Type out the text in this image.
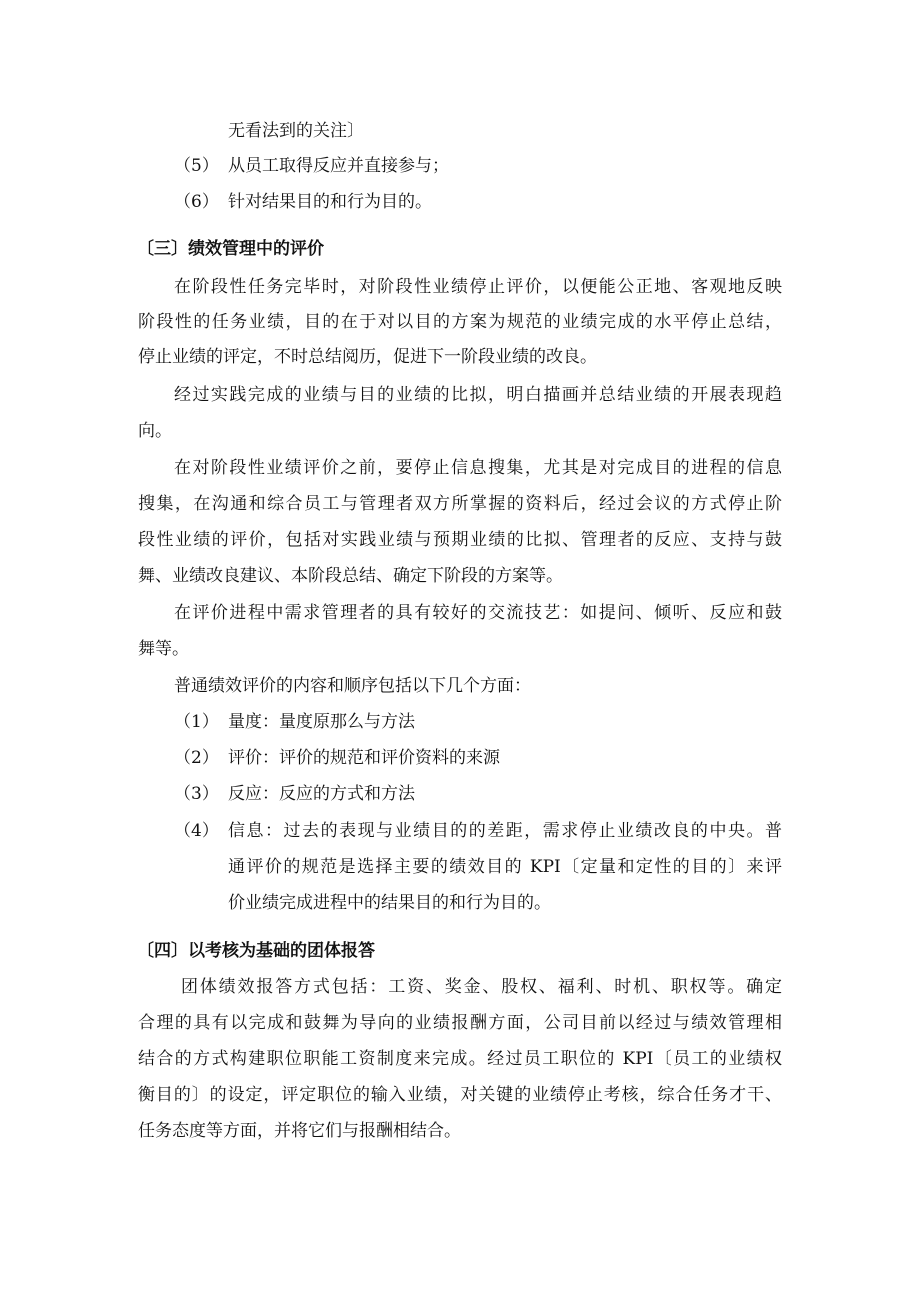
无看法到的关注〕
（5） 从员工取得反应并直接参与；
（6） 针对结果目的和行为目的。
〔三〕绩效管理中的评价
在阶段性任务完毕时，对阶段性业绩停止评价，以便能公正地、客观地反映
阶段性的任务业绩，目的在于对以目的方案为规范的业绩完成的水平停止总结，
停止业绩的评定，不时总结阅历，促进下一阶段业绩的改良。
经过实践完成的业绩与目的业绩的比拟，明白描画并总结业绩的开展表现趋
向。
在对阶段性业绩评价之前，要停止信息搜集，尤其是对完成目的进程的信息
搜集，在沟通和综合员工与管理者双方所掌握的资料后，经过会议的方式停止阶
段性业绩的评价，包括对实践业绩与预期业绩的比拟、管理者的反应、支持与鼓
舞、业绩改良建议、本阶段总结、确定下阶段的方案等。
在评价进程中需求管理者的具有较好的交流技艺：如提问、倾听、反应和鼓
舞等。
普通绩效评价的内容和顺序包括以下几个方面：
（1） 量度：量度原那么与方法
（2） 评价：评价的规范和评价资料的来源
（3） 反应：反应的方式和方法
（4） 信息：过去的表现与业绩目的的差距，需求停止业绩改良的中央。普
通评价的规范是选择主要的绩效目的 KPI〔定量和定性的目的〕来评
价业绩完成进程中的结果目的和行为目的。
〔四〕以考核为基础的团体报答
团体绩效报答方式包括：工资、奖金、股权、福利、时机、职权等。确定
合理的具有以完成和鼓舞为导向的业绩报酬方面，公司目前以经过与绩效管理相
结合的方式构建职位职能工资制度来完成。经过员工职位的 KPI〔员工的业绩权
衡目的〕的设定，评定职位的输入业绩，对关键的业绩停止考核，综合任务才干、
任务态度等方面，并将它们与报酬相结合。
